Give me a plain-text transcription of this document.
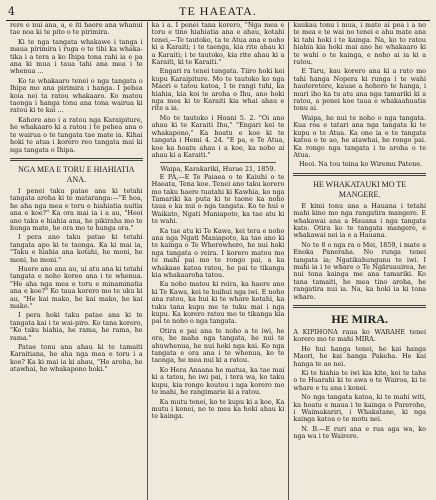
4	TE HAEATA.

rere e nui ana, a, e iti haere ana whanui tae noa ki te pito o te pirimira.

Ki te nga tangata whakawe i tanga i maua pirimira i ruga o te tihi ka whaka-tika i a tera a ko Ihipa tona rahi ia e pa ana ki mua i taua tahi ana mea i te whenua ...

Ko te whakaaro tenei o nga tangata o Ihipa mo ana pirimira i hanga. I pehea koia nei ta ratou whakaaro. Ko matou taonga i hanga tonu ana tona wairua ki ratou ki te kai ...

Kahore ano i a ratou nga Karaipiture, he whakaaro ki a ratou i te pehea ana o te wairua o te tangata tae mate ia. Kihai hoki te atua i korero reo tangata mai ki nga tangata o Ihipa.

NGA MEA E TORU E HIAHIATIA ANA.

I penei taku patae ana ki tetahi tangata aroha ki te mataranga:—"E hoa, he aha nga mea e toru e hiahiatia nuitia ana e koe?" Ka ora mai ia i a au, "Heoi ano taku e hiahia ana, he pikiraha mo te hunga mate, he ora mo te hunga ora."

I pera ano taku patae ki tetahi tangata apo ki te taonga. Ka ki mai ia, "Taku e hiahia ana kotahi, he moni, he moni, he moni."

Huere ano ana au, ui atu ana ki tetahi tangata e noho koreo ana i te whenua. "He aha nga mea e toru e minaminatia ana e koe?" Ko taua korero mo te uku ki au, "He kai mako, he kai mako, he kai mako."

I pera hoki taku patae ana ki te tangata kai i te wai-piro. Ko tana korero, "Ko taku hiahia, he rama, he rama, he rama."

Patae tonu ana ahau ki te tamaiti Karaitiana, he aha nga mea e toru i a koe? Ka ki mai ia ki ahau, "He aroha, he atawhai, he whakapono hoki."

ka i a. I penei tana korero, "Nga mea e toru e tino hiahiatia ana e ahau, kotahi tenei,—Te tautoko, ta te Atua ana e noho ki a Karaiti; i te taenga, kia rite ahau ki a Karaiti; i te tautoko, kia rite ahau ki a Karaiti, ki te Karaiti."

Engari ra tenei tangata. Tiiro hoki kei kupu Karaipiture. Mo te tautoko ko nga Maori e tatou katoa, I te rangi tuhi, ka hiahia, kia koi te aroha o Ihu, ano hoki nga mea ki te Karaiti kia whai ahau e rite a ia.

Mo te tautoko i Hoani 5. 2. "Oi ano ahau ki te Karaiti Ihu," "Engari kei te whakapono," Ka hoatu e koe ki te tangata i Hemi 4. 24. "E pa, e Te Atua, koe ka hoatu ahau i a koe, ka noho ai ahau ki a Karaiti."

Waipa, Karakariki, Hurae 21, 1859.

E PA,—E Te Paiaea o te Kaiuhi o te Haeata, Tena koe. Tenei ano taku korero mo taku haere tuatahi ki Kawhia, ko nga Tamariki ka puta ki te taone ka noho taua e ka nui o nga tangata. Ko te hui o Waikato, Ngati Maniapoto, ka tae atu ki te wahi.

Ka tae atu ki Te Kawa, kei tera e noho ana nga Ngati Maniapoto, ka tae ano ki te kainga o Te Wherowhero, he nui hoki nga tangata o reira. I korero matou mo te mahi pai mo te rongo pai, a ka whakaae katoa ratou, he pai te tikanga kia whakaaroha tatou.

Ka noho matou ki reira, ka haere ano ki Te Kawa, kei te huihui nga iwi. E noho ana ratou, ka hui ki te whare kotahi, ka tuku tana kupu me te tuku mai i nga kupu. Ka korero ratou mo te tikanga kia pai te noho o nga tangata.

Otira e pai ana te noho a te iwi, he ora, he maha nga tangata, he nui te ahuwhenua, he nui hoki nga kai. Ko nga tangata e ora ana i te whenua, ko te taonga, he mea nui ki a ratou.

Ko Hera Anaana he matua, ka tae mai ki a tatou, he iwi pai, i tera wa, ko taku kupu, kia rongo koutou i nga korero mo te mahi, he rangimarie ki a ratou.

Ka mutu tenei, ko te kupu ki a koe, Ka mutu i konei, no te mea ka hoki ahau ki te kainga.

kaukau tonu i mua, i mate ai pea i a no te mea e te wai no tenei e ahu mate ana ki tahi hoki i te kainga. Na, ko to ratou hiahia kia hoki mai ano he whakaaro ki te wahi o te kainga, e noho ai ia ki a ratou.

E Taru, kau korero ana ki a rato mo tahi hanga Nopera ki runga i te wahi hauteretere, kauae a hohoro te hanga, i muri iho ka tu atu ana nga tamariki ki a ratou, a penei koe taua e whakaahuatia tonu ai.

Waipa, he nui te noho o nga tangata. Kua roa e tatari ana nga tangata ki te kupu o te Atua. Ka ono ia e te tangata katoa o te ao, he atawhai, he rongo pai. Ka rongo nga tangata i te aroha o te Atua.

Heoi. Na tou teina ko Wiremu Patene.
HE WHAKATAUKI MO TE MANGERE.

E kimi tonu ana a Hauana i tetahi mahi kino mo nga rangatira mangere. E whakawai ana a Hauana i nga tangata kato. Otira ko te tangata mangere, e whakawai nei ia e a Hauana.

No te 8 o nga ra o Mei, 1859, i mate a Enoka Paneraha. No runga tenei tangata ia; Ngatikahungunu te iwi. I mahi ia i te whare o Te Ngāruauirea, he nui tona kainga me ana tamariki. Ko tana tamaiti, he mea tino aroha, he rangatira nui ia. Na, ka hoki ia ki tona whare.

HE MIRA.

A KIPIHONA raua ko WARAHE tenei korero mo te mahi MIRA.

He hui hanga tenei, he kai hanga Maori, he kai hanga Pakeha. He kai hanga te ao nei.

Ki te hiahia te iwi kia kite, kei te taha o te Huarahi ki te awa o te Wairoa, ki te whare e tu ana i konei.

No nga tangata katoa, ki te mahi witi, ka hoatu e maua i te kainga o Parerohe, i Waimakariri, i Whakatane, ki nga kainga katoa o te motu nei.

N. B.—E ruri ana e rua aga wa, ko nga wa i te Wairere.
